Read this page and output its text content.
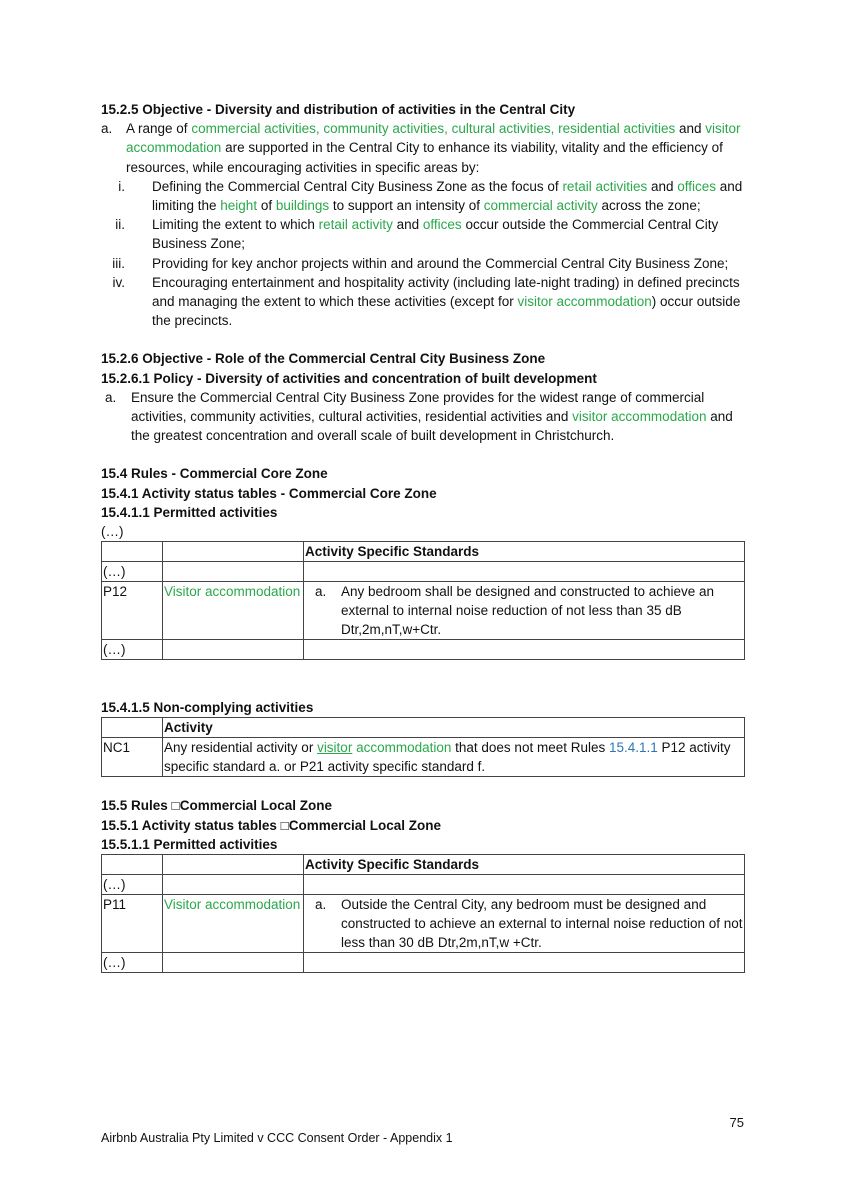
15.2.5 Objective - Diversity and distribution of activities in the Central City
a. A range of commercial activities, community activities, cultural activities, residential activities and visitor accommodation are supported in the Central City to enhance its viability, vitality and the efficiency of resources, while encouraging activities in specific areas by:
i. Defining the Commercial Central City Business Zone as the focus of retail activities and offices and limiting the height of buildings to support an intensity of commercial activity across the zone;
ii. Limiting the extent to which retail activity and offices occur outside the Commercial Central City Business Zone;
iii. Providing for key anchor projects within and around the Commercial Central City Business Zone;
iv. Encouraging entertainment and hospitality activity (including late-night trading) in defined precincts and managing the extent to which these activities (except for visitor accommodation) occur outside the precincts.
15.2.6 Objective - Role of the Commercial Central City Business Zone
15.2.6.1 Policy - Diversity of activities and concentration of built development
a. Ensure the Commercial Central City Business Zone provides for the widest range of commercial activities, community activities, cultural activities, residential activities and visitor accommodation and the greatest concentration and overall scale of built development in Christchurch.
15.4 Rules - Commercial Core Zone
15.4.1 Activity status tables - Commercial Core Zone
15.4.1.1 Permitted activities
(…)
		Activity Specific Standards
(…)		
P12	Visitor accommodation	a. Any bedroom shall be designed and constructed to achieve an external to internal noise reduction of not less than 35 dB Dtr,2m,nT,w+Ctr.

(…)		
15.4.1.5 Non-complying activities
	Activity
NC1	Any residential activity or visitor accommodation that does not meet Rules 15.4.1.1 P12 activity specific standard a. or P21 activity specific standard f.
15.5 Rules □Commercial Local Zone
15.5.1 Activity status tables □Commercial Local Zone
15.5.1.1 Permitted activities
		Activity Specific Standards
(…)		
P11	Visitor accommodation	a. Outside the Central City, any bedroom must be designed and constructed to achieve an external to internal noise reduction of not less than 30 dB Dtr,2m,nT,w +Ctr.

(…)		
75
Airbnb Australia Pty Limited v CCC Consent Order - Appendix 1
